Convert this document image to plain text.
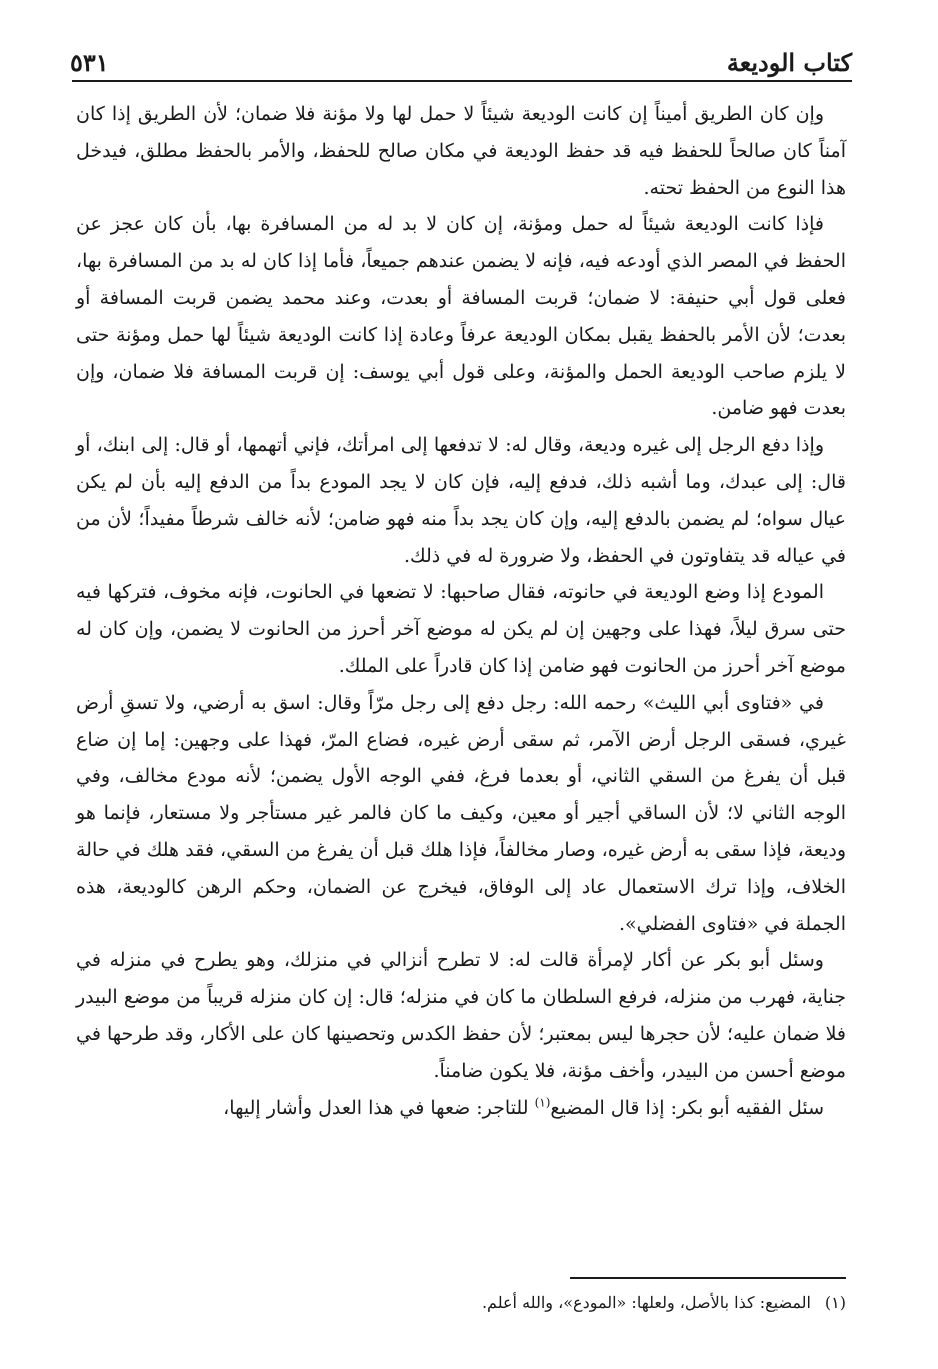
كتاب الوديعة
٥٣١

وإن كان الطريق أميناً إن كانت الوديعة شيئاً لا حمل لها ولا مؤنة فلا ضمان؛ لأن الطريق إذا كان آمناً كان صالحاً للحفظ فيه قد حفظ الوديعة في مكان صالح للحفظ، والأمر بالحفظ مطلق، فيدخل هذا النوع من الحفظ تحته.

فإذا كانت الوديعة شيئاً له حمل ومؤنة، إن كان لا بد له من المسافرة بها، بأن كان عجز عن الحفظ في المصر الذي أودعه فيه، فإنه لا يضمن عندهم جميعاً، فأما إذا كان له بد من المسافرة بها، فعلى قول أبي حنيفة: لا ضمان؛ قربت المسافة أو بعدت، وعند محمد يضمن قربت المسافة أو بعدت؛ لأن الأمر بالحفظ يقبل بمكان الوديعة عرفاً وعادة إذا كانت الوديعة شيئاً لها حمل ومؤنة حتى لا يلزم صاحب الوديعة الحمل والمؤنة، وعلى قول أبي يوسف: إن قربت المسافة فلا ضمان، وإن بعدت فهو ضامن.

وإذا دفع الرجل إلى غيره وديعة، وقال له: لا تدفعها إلى امرأتك، فإني أتهمها، أو قال: إلى ابنك، أو قال: إلى عبدك، وما أشبه ذلك، فدفع إليه، فإن كان لا يجد المودع بداً من الدفع إليه بأن لم يكن عيال سواه؛ لم يضمن بالدفع إليه، وإن كان يجد بداً منه فهو ضامن؛ لأنه خالف شرطاً مفيداً؛ لأن من في عياله قد يتفاوتون في الحفظ، ولا ضرورة له في ذلك.

المودع إذا وضع الوديعة في حانوته، فقال صاحبها: لا تضعها في الحانوت، فإنه مخوف، فتركها فيه حتى سرق ليلاً، فهذا على وجهين إن لم يكن له موضع آخر أحرز من الحانوت لا يضمن، وإن كان له موضع آخر أحرز من الحانوت فهو ضامن إذا كان قادراً على الملك.

في «فتاوى أبي الليث» رحمه الله: رجل دفع إلى رجل مرّاً وقال: اسق به أرضي، ولا تسقِ أرض غيري، فسقى الرجل أرض الآمر، ثم سقى أرض غيره، فضاع المرّ، فهذا على وجهين: إما إن ضاع قبل أن يفرغ من السقي الثاني، أو بعدما فرغ، ففي الوجه الأول يضمن؛ لأنه مودع مخالف، وفي الوجه الثاني لا؛ لأن الساقي أجير أو معين، وكيف ما كان فالمر غير مستأجر ولا مستعار، فإنما هو وديعة، فإذا سقى به أرض غيره، وصار مخالفاً، فإذا هلك قبل أن يفرغ من السقي، فقد هلك في حالة الخلاف، وإذا ترك الاستعمال عاد إلى الوفاق، فيخرج عن الضمان، وحكم الرهن كالوديعة، هذه الجملة في «فتاوى الفضلي».

وسئل أبو بكر عن أكار لإمرأة قالت له: لا تطرح أنزالي في منزلك، وهو يطرح في منزله في جناية، فهرب من منزله، فرفع السلطان ما كان في منزله؛ قال: إن كان منزله قريباً من موضع البيدر فلا ضمان عليه؛ لأن حجرها ليس بمعتبر؛ لأن حفظ الكدس وتحصينها كان على الأكار، وقد طرحها في موضع أحسن من البيدر، وأخف مؤنة، فلا يكون ضامناً.

سئل الفقيه أبو بكر: إذا قال المضيع$^{(١)}$ للتاجر: ضعها في هذا العدل وأشار إليها،

(١)المضيع: كذا بالأصل، ولعلها: «المودع»، والله أعلم.
